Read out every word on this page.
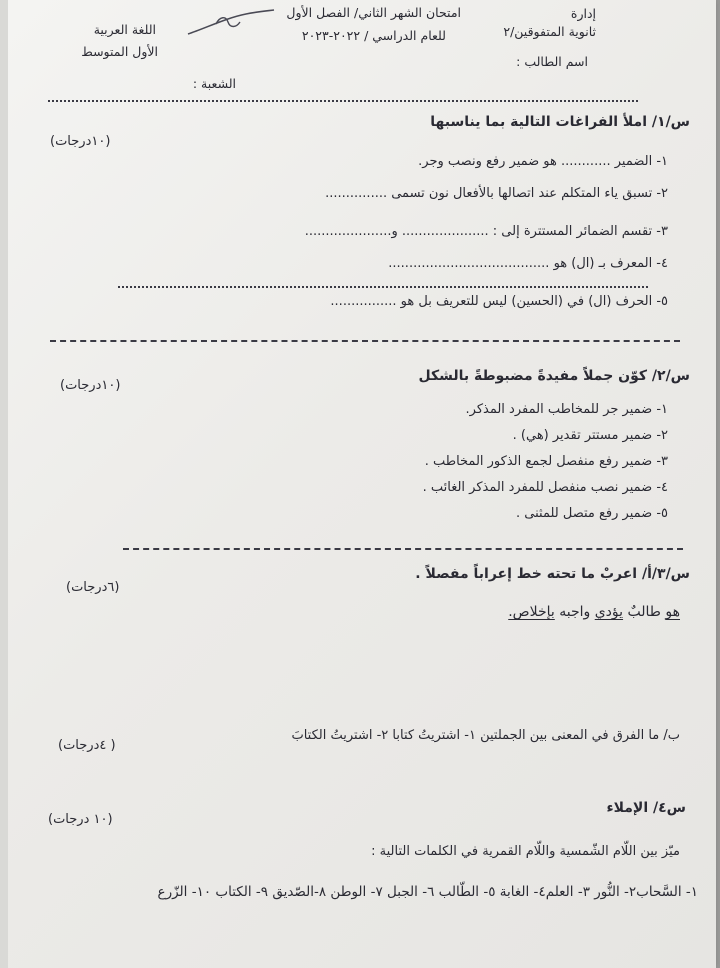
إدارة
ثانوية المتفوقين/٢
اسم الطالب :
امتحان الشهر الثاني/ الفصل الأول
للعام الدراسي / ٢٠٢٢-٢٠٢٣
اللغة العربية
الأول المتوسط
الشعبة :
س/١/ املأ الفراغات التالية بما يناسبها
(١٠درجات)
١- الضمير ............ هو ضمير رفع ونصب وجر.
٢- تسبق ياء المتكلم عند اتصالها بالأفعال نون تسمى ...............
٣- تقسم الضمائر المستترة إلى : ..................... و.....................
٤- المعرف بـ (ال) هو .......................................
٥- الحرف (ال) في (الحسين) ليس للتعريف بل هو ................
س/٢/ كوّن جملاً مفيدةً مضبوطةً بالشكل
(١٠درجات)
١- ضمير جر للمخاطب المفرد المذكر.
٢- ضمير مستتر تقدير (هي) .
٣- ضمير رفع منفصل لجمع الذكور المخاطب .
٤- ضمير نصب منفصل للمفرد المذكر الغائب .
٥- ضمير رفع متصل للمثنى .
س/٣/أ/ اعربْ ما تحته خط إعراباً مفصلاً .
(٦درجات)
هو طالبٌ يؤدي واجبه بإخلاص.
ب/ ما الفرق في المعنى بين الجملتين ١- اشتريتُ كتابا ٢- اشتريتُ الكتابَ
( ٤درجات)
س٤/ الإملاء
(١٠ درجات)
ميّز بين اللّام الشّمسية واللّام القمرية في الكلمات التالية :
١- السَّحاب٢- النُّور ٣- العلم٤- الغابة ٥- الطّالب ٦- الجبل ٧- الوطن ٨-الصّديق ٩- الكتاب ١٠- الزّرع
